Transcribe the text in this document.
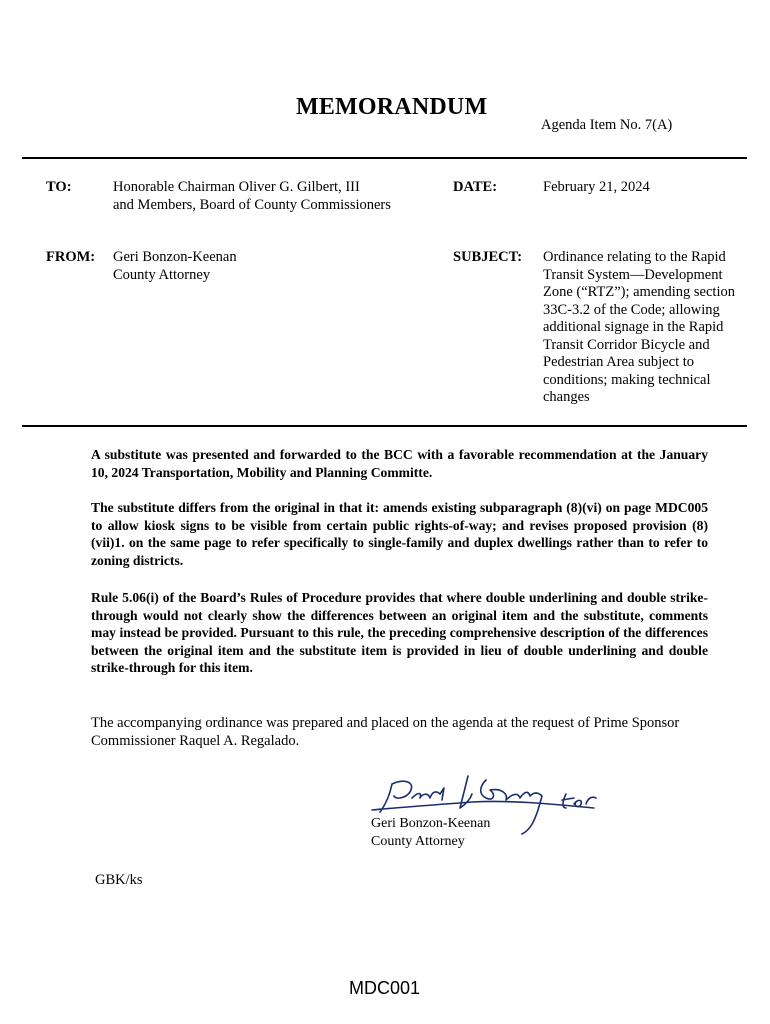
MEMORANDUM
Agenda Item No. 7(A)
TO:	Honorable Chairman Oliver G. Gilbert, III
and Members, Board of County Commissioners
DATE:	February 21, 2024
FROM: Geri Bonzon-Keenan
County Attorney
SUBJECT: Ordinance relating to the Rapid
Transit System—Development
Zone (“RTZ”); amending section
33C-3.2 of the Code; allowing
additional signage in the Rapid
Transit Corridor Bicycle and
Pedestrian Area subject to
conditions; making technical
changes
A substitute was presented and forwarded to the BCC with a favorable recommendation at the January 10, 2024 Transportation, Mobility and Planning Committe.
The substitute differs from the original in that it: amends existing subparagraph (8)(vi) on page MDC005 to allow kiosk signs to be visible from certain public rights-of-way; and revises proposed provision (8)(vii)1. on the same page to refer specifically to single-family and duplex dwellings rather than to refer to zoning districts.
Rule 5.06(i) of the Board’s Rules of Procedure provides that where double underlining and double strike-through would not clearly show the differences between an original item and the substitute, comments may instead be provided. Pursuant to this rule, the preceding comprehensive description of the differences between the original item and the substitute item is provided in lieu of double underlining and double strike-through for this item.
The accompanying ordinance was prepared and placed on the agenda at the request of Prime Sponsor
Commissioner Raquel A. Regalado.
Geri Bonzon-Keenan
County Attorney
GBK/ks
MDC001
